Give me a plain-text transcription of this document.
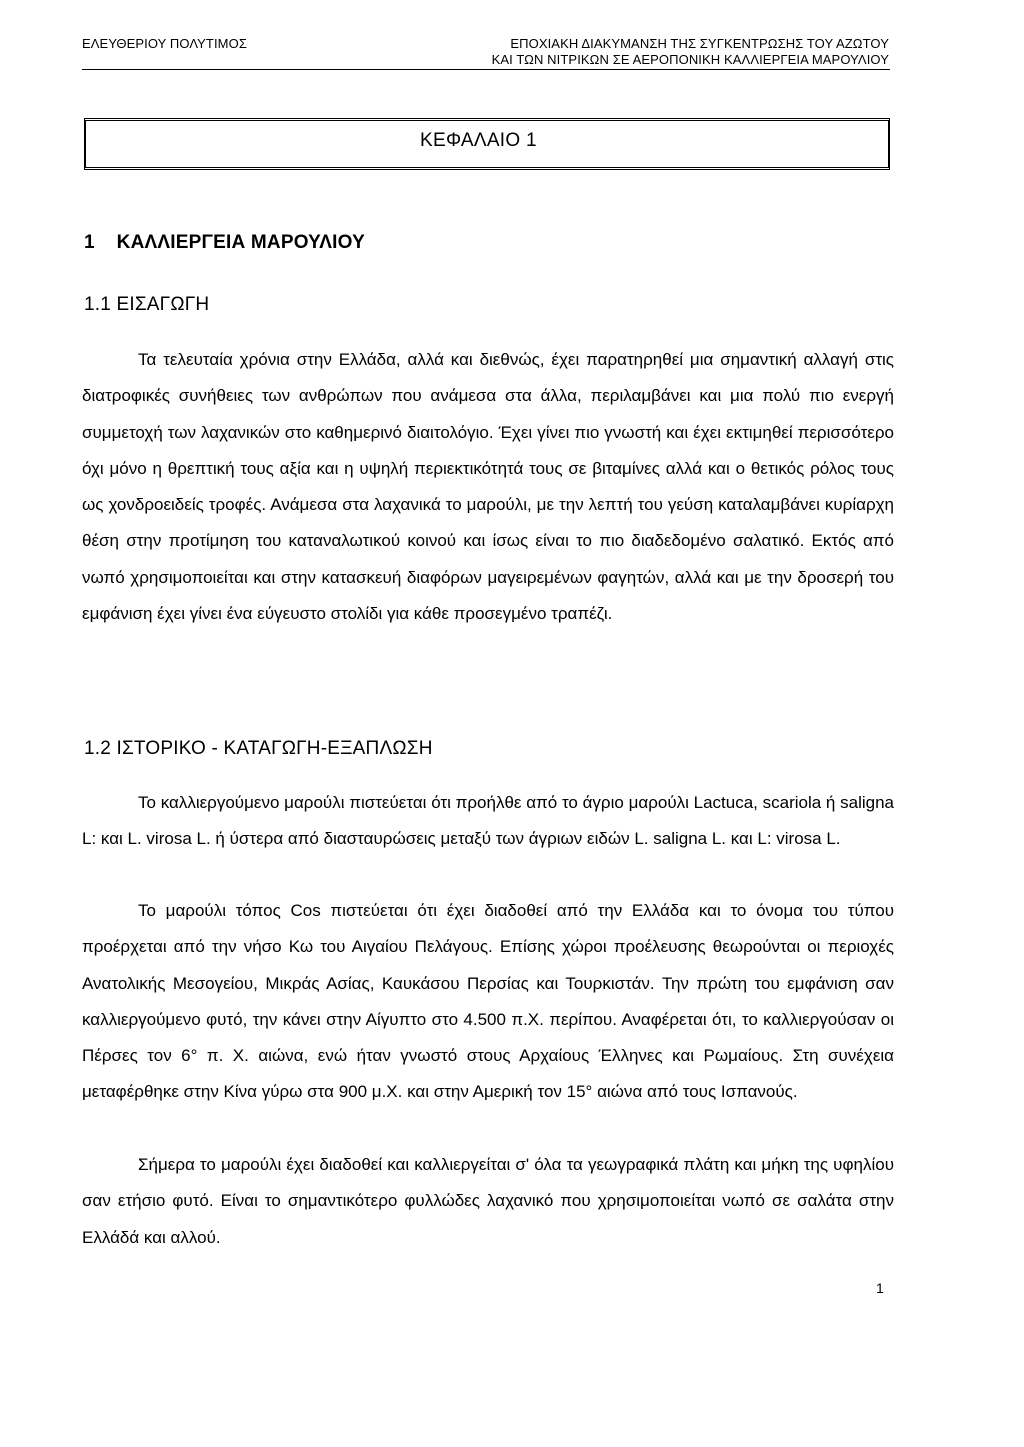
ΕΛΕΥΘΕΡΙΟΥ ΠΟΛΥΤΙΜΟΣ	ΕΠΟΧΙΑΚΗ ΔΙΑΚΥΜΑΝΣΗ ΤΗΣ ΣΥΓΚΕΝΤΡΩΣΗΣ ΤΟΥ ΑΖΩΤΟΥ
ΚΑΙ ΤΩΝ ΝΙΤΡΙΚΩΝ ΣΕ ΑΕΡΟΠΟΝΙΚΗ ΚΑΛΛΙΕΡΓΕΙΑ ΜΑΡΟΥΛΙΟΥ
ΚΕΦΑΛΑΙΟ 1
1    ΚΑΛΛΙΕΡΓΕΙΑ ΜΑΡΟΥΛΙΟΥ
1.1 ΕΙΣΑΓΩΓΗ

Τα τελευταία χρόνια στην Ελλάδα, αλλά και διεθνώς, έχει παρατηρηθεί μια σημαντική αλλαγή στις διατροφικές συνήθειες των ανθρώπων που ανάμεσα στα άλλα, περιλαμβάνει και μια πολύ πιο ενεργή συμμετοχή των λαχανικών στο καθημερινό διαιτολόγιο. Έχει γίνει πιο γνωστή και έχει εκτιμηθεί περισσότερο όχι μόνο η θρεπτική τους αξία και η υψηλή περιεκτικότητά τους σε βιταμίνες αλλά και ο θετικός ρόλος τους ως χονδροειδείς τροφές. Ανάμεσα στα λαχανικά το μαρούλι, με την λεπτή του γεύση καταλαμβάνει κυρίαρχη θέση στην προτίμηση του καταναλωτικού κοινού και ίσως είναι το πιο διαδεδομένο σαλατικό. Εκτός από νωπό χρησιμοποιείται και στην κατασκευή διαφόρων μαγειρεμένων φαγητών, αλλά και με την δροσερή του εμφάνιση έχει γίνει ένα εύγευστο στολίδι για κάθε προσεγμένο τραπέζι.

1.2 ΙΣΤΟΡΙΚΟ - ΚΑΤΑΓΩΓΗ-ΕΞΑΠΛΩΣΗ

Το καλλιεργούμενο μαρούλι πιστεύεται ότι προήλθε από το άγριο μαρούλι Lactuca, scariola ή saligna L: και L. virosa L. ή ύστερα από διασταυρώσεις μεταξύ των άγριων ειδών L. saligna L. και L: virosa L.

Το μαρούλι τόπος Cos πιστεύεται ότι έχει διαδοθεί από την Ελλάδα και το όνομα του τύπου προέρχεται από την νήσο Κω του Αιγαίου Πελάγους. Επίσης χώροι προέλευσης θεωρούνται οι περιοχές Ανατολικής Μεσογείου, Μικράς Ασίας, Καυκάσου Περσίας και Τουρκιστάν. Την πρώτη του εμφάνιση σαν καλλιεργούμενο φυτό, την κάνει στην Αίγυπτο στο 4.500 π.Χ. περίπου. Αναφέρεται ότι, το καλλιεργούσαν οι Πέρσες τον 6° π. Χ. αιώνα, ενώ ήταν γνωστό στους Αρχαίους Έλληνες και Ρωμαίους. Στη συνέχεια μεταφέρθηκε στην Κίνα γύρω στα 900 μ.Χ. και στην Αμερική τον 15° αιώνα από τους Ισπανούς.

Σήμερα το μαρούλι έχει διαδοθεί και καλλιεργείται σ' όλα τα γεωγραφικά πλάτη και μήκη της υφηλίου σαν ετήσιο φυτό. Είναι το σημαντικότερο φυλλώδες λαχανικό που χρησιμοποιείται νωπό σε σαλάτα στην Ελλάδά και αλλού.

1
